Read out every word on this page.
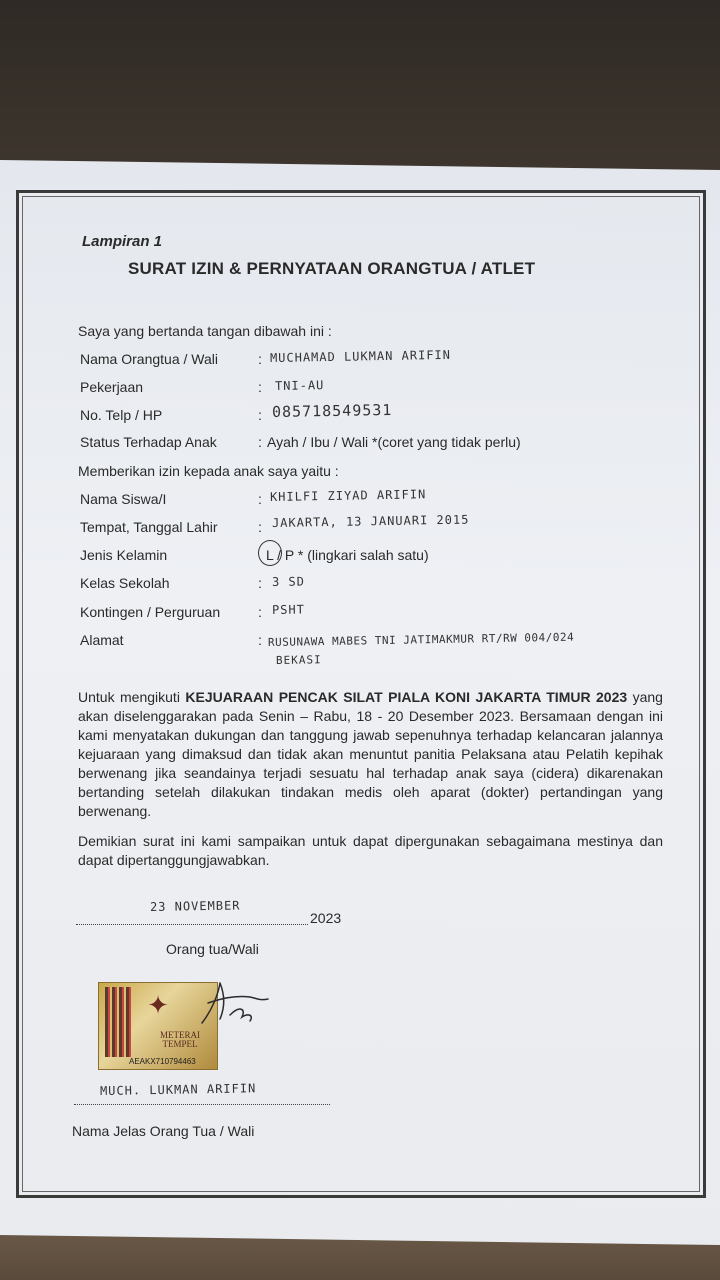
Lampiran 1
SURAT IZIN & PERNYATAAN ORANGTUA / ATLET
Saya yang bertanda tangan dibawah ini :
Nama Orangtua / Wali	: MUCHAMAD LUKMAN ARIFIN
Pekerjaan	: TNI-AU
No. Telp / HP	: 085718549531
Status Terhadap Anak	: Ayah / Ibu / Wali *(coret yang tidak perlu)
Memberikan izin kepada anak saya yaitu :
Nama Siswa/I	: KHILFI ZIYAD ARIFIN
Tempat, Tanggal Lahir	: JAKARTA, 13 JANUARI 2015
Jenis Kelamin	L / P * (lingkari salah satu)
Kelas Sekolah	: 3 SD
Kontingen / Perguruan	: PSHT
Alamat	: RUSUNAWA MABES TNI JATIMAKMUR RT/RW 004/024
BEKASI
Untuk mengikuti KEJUARAAN PENCAK SILAT PIALA KONI JAKARTA TIMUR 2023 yang akan diselenggarakan pada Senin – Rabu, 18 - 20 Desember 2023. Bersamaan dengan ini kami menyatakan dukungan dan tanggung jawab sepenuhnya terhadap kelancaran jalannya kejuaraan yang dimaksud dan tidak akan menuntut panitia Pelaksana atau Pelatih kepihak berwenang jika seandainya terjadi sesuatu hal terhadap anak saya (cidera) dikarenakan bertanding setelah dilakukan tindakan medis oleh aparat (dokter) pertandingan yang berwenang.
Demikian surat ini kami sampaikan untuk dapat dipergunakan sebagaimana mestinya dan dapat dipertanggungjawabkan.
23 NOVEMBER
2023
Orang tua/Wali
✦
METERAI TEMPEL
AEAKX710794463
MUCH. LUKMAN ARIFIN
Nama Jelas Orang Tua / Wali
